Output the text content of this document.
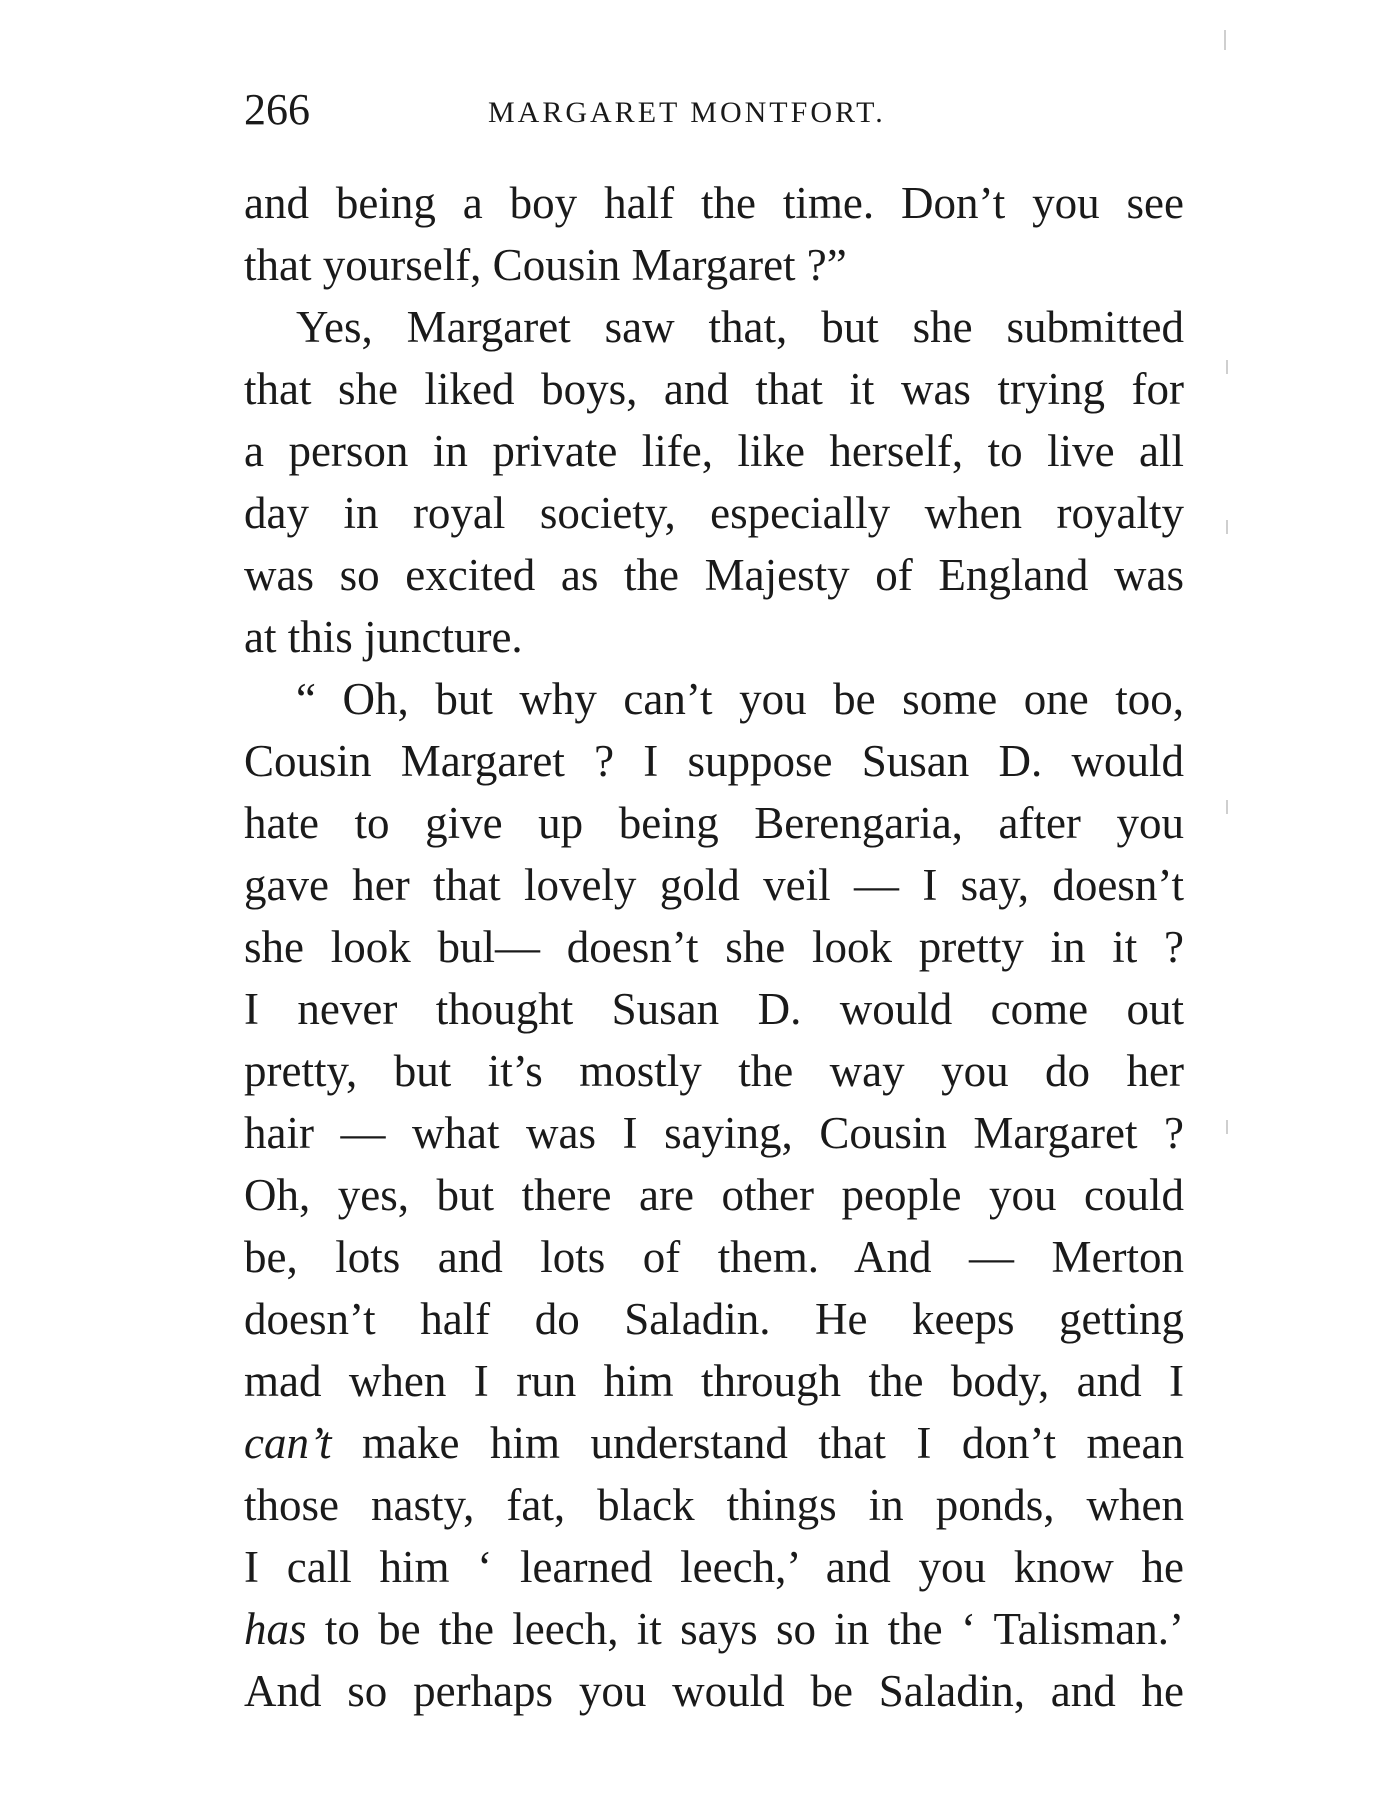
266	MARGARET MONTFORT.
and being a boy half the time. Don’t you see
that yourself, Cousin Margaret ?”
Yes, Margaret saw that, but she submitted
that she liked boys, and that it was trying for
a person in private life, like herself, to live all
day in royal society, especially when royalty
was so excited as the Majesty of England was
at this juncture.
“ Oh, but why can’t you be some one too,
Cousin Margaret ? I suppose Susan D. would
hate to give up being Berengaria, after you
gave her that lovely gold veil — I say, doesn’t
she look bul— doesn’t she look pretty in it ?
I never thought Susan D. would come out
pretty, but it’s mostly the way you do her
hair — what was I saying, Cousin Margaret ?
Oh, yes, but there are other people you could
be, lots and lots of them. And — Merton
doesn’t half do Saladin. He keeps getting
mad when I run him through the body, and I
can’t make him understand that I don’t mean
those nasty, fat, black things in ponds, when
I call him ‘ learned leech,’ and you know he
has to be the leech, it says so in the ‘ Talisman.’
And so perhaps you would be Saladin, and he
